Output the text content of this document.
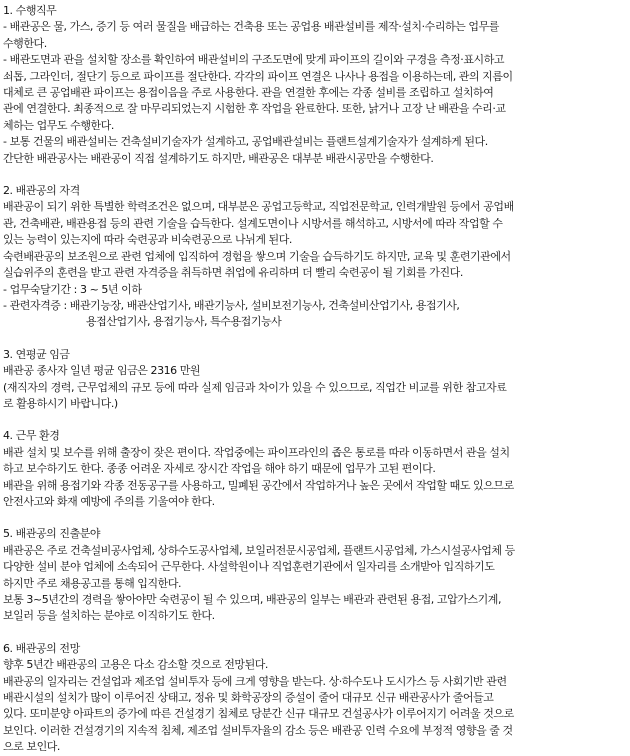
1. 수행직무
- 배관공은 물, 가스, 증기 등 여러 물질을 배급하는 건축용 또는 공업용 배관설비를 제작·설치·수리하는 업무를
수행한다.
- 배관도면과 관을 설치할 장소를 확인하여 배관설비의 구조도면에 맞게 파이프의 길이와 구경을 측정·표시하고
쇠톱, 그라인더, 절단기 등으로 파이프를 절단한다. 각각의 파이프 연결은 나사나 용접을 이용하는데, 관의 지름이
대체로 큰 공업배관 파이프는 용접이음을 주로 사용한다. 관을 연결한 후에는 각종 설비를 조립하고 설치하여
관에 연결한다. 최종적으로 잘 마무리되었는지 시험한 후 작업을 완료한다. 또한, 낡거나 고장 난 배관을 수리·교
체하는 업무도 수행한다.
- 보통 건물의 배관설비는 건축설비기술자가 설계하고, 공업배관설비는 플랜트설계기술자가 설계하게 된다.
간단한 배관공사는 배관공이 직접 설계하기도 하지만, 배관공은 대부분 배관시공만을 수행한다.
2. 배관공의 자격
배관공이 되기 위한 특별한 학력조건은 없으며, 대부분은 공업고등학교, 직업전문학교, 인력개발원 등에서 공업배
관, 건축배관, 배관용접 등의 관련 기술을 습득한다. 설계도면이나 시방서를 해석하고, 시방서에 따라 작업할 수
있는 능력이 있는지에 따라 숙련공과 비숙련공으로 나뉘게 된다.
숙련배관공의 보조원으로 관련 업체에 입직하여 경험을 쌓으며 기술을 습득하기도 하지만, 교육 및 훈련기관에서
실습위주의 훈련을 받고 관련 자격증을 취득하면 취업에 유리하며 더 빨리 숙련공이 될 기회를 가진다.
- 업무숙달기간 : 3 ~ 5년 이하
- 관련자격증 : 배관기능장, 배관산업기사, 배관기능사, 설비보전기능사, 건축설비산업기사, 용접기사,
용접산업기사, 용접기능사, 특수용접기능사
3. 연평균 임금
배관공 종사자 일년 평균 임금은 2316 만원
(재직자의 경력, 근무업체의 규모 등에 따라 실제 임금과 차이가 있을 수 있으므로, 직업간 비교를 위한 참고자료
로 활용하시기 바랍니다.)
4. 근무 환경
배관 설치 및 보수를 위해 출장이 잦은 편이다. 작업중에는 파이프라인의 좁은 통로를 따라 이동하면서 관을 설치
하고 보수하기도 한다. 종종 어려운 자세로 장시간 작업을 해야 하기 때문에 업무가 고된 편이다.
배관을 위해 용접기와 각종 전동공구를 사용하고, 밀폐된 공간에서 작업하거나 높은 곳에서 작업할 때도 있으므로
안전사고와 화재 예방에 주의를 기울여야 한다.
5. 배관공의 진출분야
배관공은 주로 건축설비공사업체, 상하수도공사업체, 보일러전문시공업체, 플랜트시공업체, 가스시설공사업체 등
다양한 설비 분야 업체에 소속되어 근무한다. 사설학원이나 직업훈련기관에서 일자리를 소개받아 입직하기도
하지만 주로 채용공고를 통해 입직한다.
보통 3~5년간의 경력을 쌓아야만 숙련공이 될 수 있으며, 배관공의 일부는 배관과 관련된 용접, 고압가스기계,
보일러 등을 설치하는 분야로 이직하기도 한다.
6. 배관공의 전망
향후 5년간 배관공의 고용은 다소 감소할 것으로 전망된다.
배관공의 일자리는 건설업과 제조업 설비투자 등에 크게 영향을 받는다. 상·하수도나 도시가스 등 사회기반 관련
배관시설의 설치가 많이 이루어진 상태고, 정유 및 화학공장의 증설이 줄어 대규모 신규 배관공사가 줄어들고
있다. 또미분양 아파트의 증가에 따른 건설경기 침체로 당분간 신규 대규모 건설공사가 이루어지기 어려울 것으로
보인다. 이러한 건설경기의 지속적 침체, 제조업 설비투자율의 감소 등은 배관공 인력 수요에 부정적 영향을 줄 것
으로 보인다.
